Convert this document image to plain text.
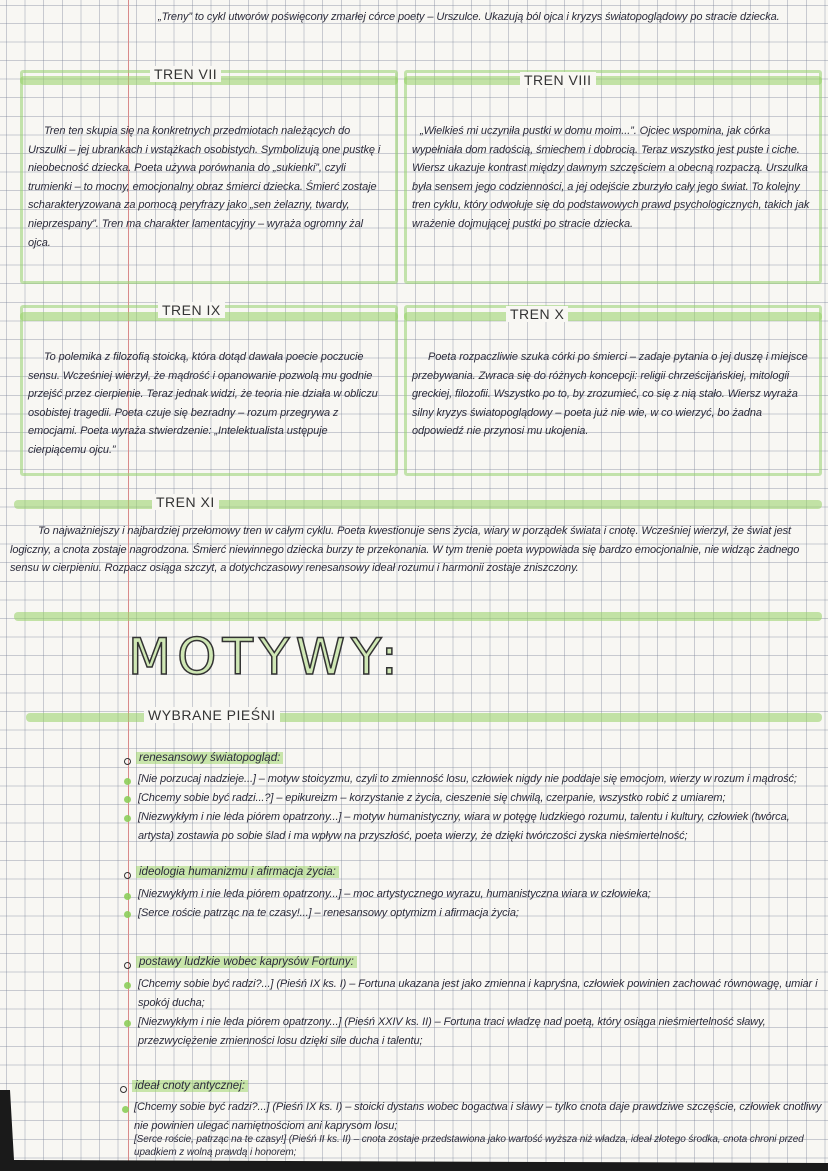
„Treny” to cykl utworów poświęcony zmarłej córce poety – Urszulce. Ukazują ból ojca i kryzys światopoglądowy po stracie dziecka.
TREN VII
Tren ten skupia się na konkretnych przedmiotach należących do Urszulki – jej ubrankach i wstążkach osobistych. Symbolizują one pustkę i nieobecność dziecka. Poeta używa porównania do „sukienki”, czyli trumienki – to mocny, emocjonalny obraz śmierci dziecka. Śmierć zostaje scharakteryzowana za pomocą peryfrazy jako „sen żelazny, twardy, nieprzespany”. Tren ma charakter lamentacyjny – wyraża ogromny żal ojca.
TREN VIII
„Wielkieś mi uczyniła pustki w domu moim...”. Ojciec wspomina, jak córka wypełniała dom radością, śmiechem i dobrocią. Teraz wszystko jest puste i ciche. Wiersz ukazuje kontrast między dawnym szczęściem a obecną rozpaczą. Urszulka była sensem jego codzienności, a jej odejście zburzyło cały jego świat. To kolejny tren cyklu, który odwołuje się do podstawowych prawd psychologicznych, takich jak wrażenie dojmującej pustki po stracie dziecka.
TREN IX
To polemika z filozofią stoicką, która dotąd dawała poecie poczucie sensu. Wcześniej wierzył, że mądrość i opanowanie pozwolą mu godnie przejść przez cierpienie. Teraz jednak widzi, że teoria nie działa w obliczu osobistej tragedii. Poeta czuje się bezradny – rozum przegrywa z emocjami. Poeta wyraża stwierdzenie: „Intelektualista ustępuje cierpiącemu ojcu.”
TREN X
Poeta rozpaczliwie szuka córki po śmierci – zadaje pytania o jej duszę i miejsce przebywania. Zwraca się do różnych koncepcji: religii chrześcijańskiej, mitologii greckiej, filozofii. Wszystko po to, by zrozumieć, co się z nią stało. Wiersz wyraża silny kryzys światopoglądowy – poeta już nie wie, w co wierzyć, bo żadna odpowiedź nie przynosi mu ukojenia.
TREN XI
To najważniejszy i najbardziej przełomowy tren w całym cyklu. Poeta kwestionuje sens życia, wiary w porządek świata i cnotę. Wcześniej wierzył, że świat jest logiczny, a cnota zostaje nagrodzona. Śmierć niewinnego dziecka burzy te przekonania. W tym trenie poeta wypowiada się bardzo emocjonalnie, nie widząc żadnego sensu w cierpieniu. Rozpacz osiąga szczyt, a dotychczasowy renesansowy ideał rozumu i harmonii zostaje zniszczony.
MOTYWY:
WYBRANE PIEŚNI
renesansowy światopogląd:
[Nie porzucaj nadzieje...] – motyw stoicyzmu, czyli to zmienność losu, człowiek nigdy nie poddaje się emocjom, wierzy w rozum i mądrość;
[Chcemy sobie być radzi...?] – epikureizm – korzystanie z życia, cieszenie się chwilą, czerpanie, wszystko robić z umiarem;
[Niezwykłym i nie leda piórem opatrzony...] – motyw humanistyczny, wiara w potęgę ludzkiego rozumu, talentu i kultury, człowiek (twórca, artysta) zostawia po sobie ślad i ma wpływ na przyszłość, poeta wierzy, że dzięki twórczości zyska nieśmiertelność;
ideologia humanizmu i afirmacja życia:
[Niezwykłym i nie leda piórem opatrzony...] – moc artystycznego wyrazu, humanistyczna wiara w człowieka;
[Serce roście patrząc na te czasy!...] – renesansowy optymizm i afirmacja życia;
postawy ludzkie wobec kaprysów Fortuny:
[Chcemy sobie być radzi?...] (Pieśń IX ks. I) – Fortuna ukazana jest jako zmienna i kapryśna, człowiek powinien zachować równowagę, umiar i spokój ducha;
[Niezwykłym i nie leda piórem opatrzony...] (Pieśń XXIV ks. II) – Fortuna traci władzę nad poetą, który osiąga nieśmiertelność sławy, przezwyciężenie zmienności losu dzięki sile ducha i talentu;
ideał cnoty antycznej:
[Chcemy sobie być radzi?...] (Pieśń IX ks. I) – stoicki dystans wobec bogactwa i sławy – tylko cnota daje prawdziwe szczęście, człowiek cnotliwy nie powinien ulegać namiętnościom ani kaprysom losu;
[Serce roście, patrząc na te czasy!] (Pieśń II ks. II) – cnota zostaje przedstawiona jako wartość wyższa niż władza, ideał złotego środka, cnota chroni przed upadkiem z wolną prawdą i honorem;
